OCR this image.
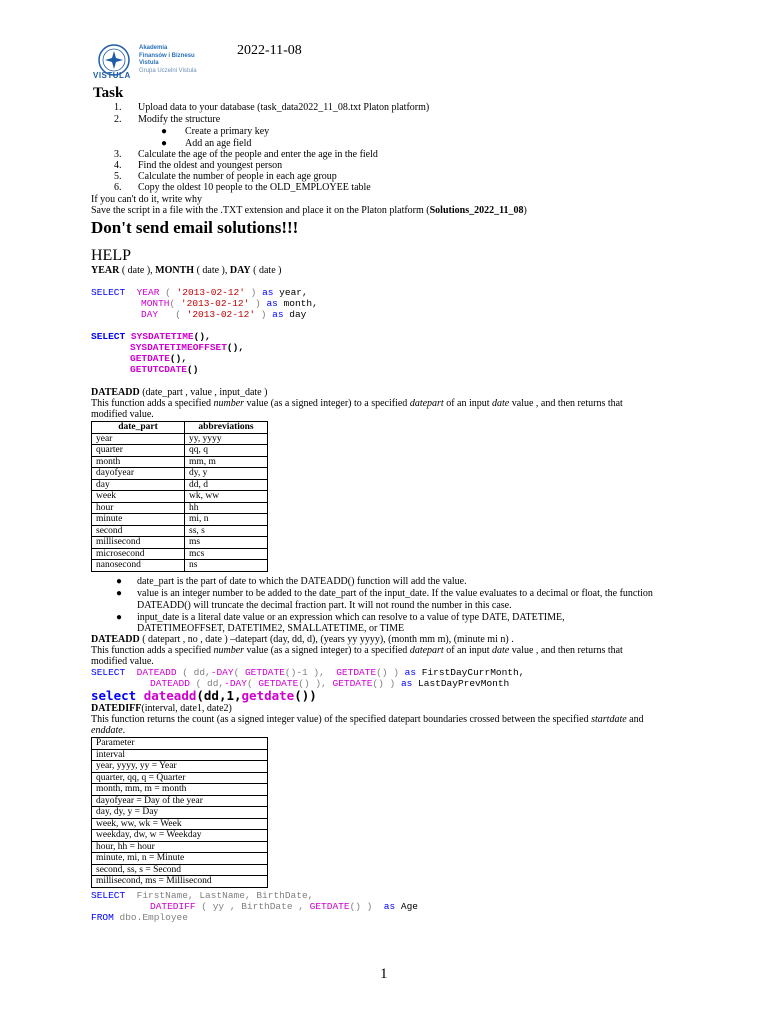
VISTULA
Akademia
Finansów i Biznesu
Vistula
Grupa Uczelni Vistula
2022-11-08
Task
1. Upload data to your database (task_data2022_11_08.txt Platon platform)
2. Modify the structure
● Create a primary key
● Add an age field
3. Calculate the age of the people and enter the age in the field
4. Find the oldest and youngest person
5. Calculate the number of people in each age group
6. Copy the oldest 10 people to the OLD_EMPLOYEE table
If you can't do it, write why
Save the script in a file with the .TXT extension and place it on the Platon platform (Solutions_2022_11_08)
Don't send email solutions!!!
HELP
YEAR ( date ), MONTH ( date ), DAY ( date )
SELECT YEAR ( '2013-02-12' ) as year,
MONTH( '2013-02-12' ) as month,
DAY   ( '2013-02-12' ) as day
SELECT SYSDATETIME(),
SYSDATETIMEOFFSET(),
GETDATE(),
GETUTCDATE()
DATEADD (date_part , value , input_date )
This function adds a specified number value (as a signed integer) to a specified datepart of an input date value , and then returns that
modified value.
date_part	abbreviations
year	yy, yyyy
quarter	qq, q
month	mm, m
dayofyear	dy, y
day	dd, d
week	wk, ww
hour	hh
minute	mi, n
second	ss, s
millisecond	ms
microsecond	mcs
nanosecond	ns
● date_part is the part of date to which the DATEADD() function will add the value.
● value is an integer number to be added to the date_part of the input_date. If the value evaluates to a decimal or float, the function
DATEADD() will truncate the decimal fraction part. It will not round the number in this case.
● input_date is a literal date value or an expression which can resolve to a value of type DATE, DATETIME,
DATETIMEOFFSET, DATETIME2, SMALLATETIME, or TIME
DATEADD ( datepart , no , date ) –datepart (day, dd, d), (years yy yyyy), (month mm m), (minute mi n) .
This function adds a specified number value (as a signed integer) to a specified datepart of an input date value , and then returns that
modified value.
SELECT DATEADD ( dd,-DAY( GETDATE()-1 ),  GETDATE() ) as FirstDayCurrMonth,
DATEADD ( dd,-DAY( GETDATE() ), GETDATE() ) as LastDayPrevMonth
select dateadd(dd,1,getdate())
DATEDIFF(interval, date1, date2)
This function returns the count (as a signed integer value) of the specified datepart boundaries crossed between the specified startdate and
enddate.
Parameter
interval
year, yyyy, yy = Year
quarter, qq, q = Quarter
month, mm, m = month
dayofyear = Day of the year
day, dy, y = Day
week, ww, wk = Week
weekday, dw, w = Weekday
hour, hh = hour
minute, mi, n = Minute
second, ss, s = Second
millisecond, ms = Millisecond
SELECT  FirstName, LastName, BirthDate,
DATEDIFF ( yy , BirthDate , GETDATE() )  as Age
FROM dbo.Employee
1
